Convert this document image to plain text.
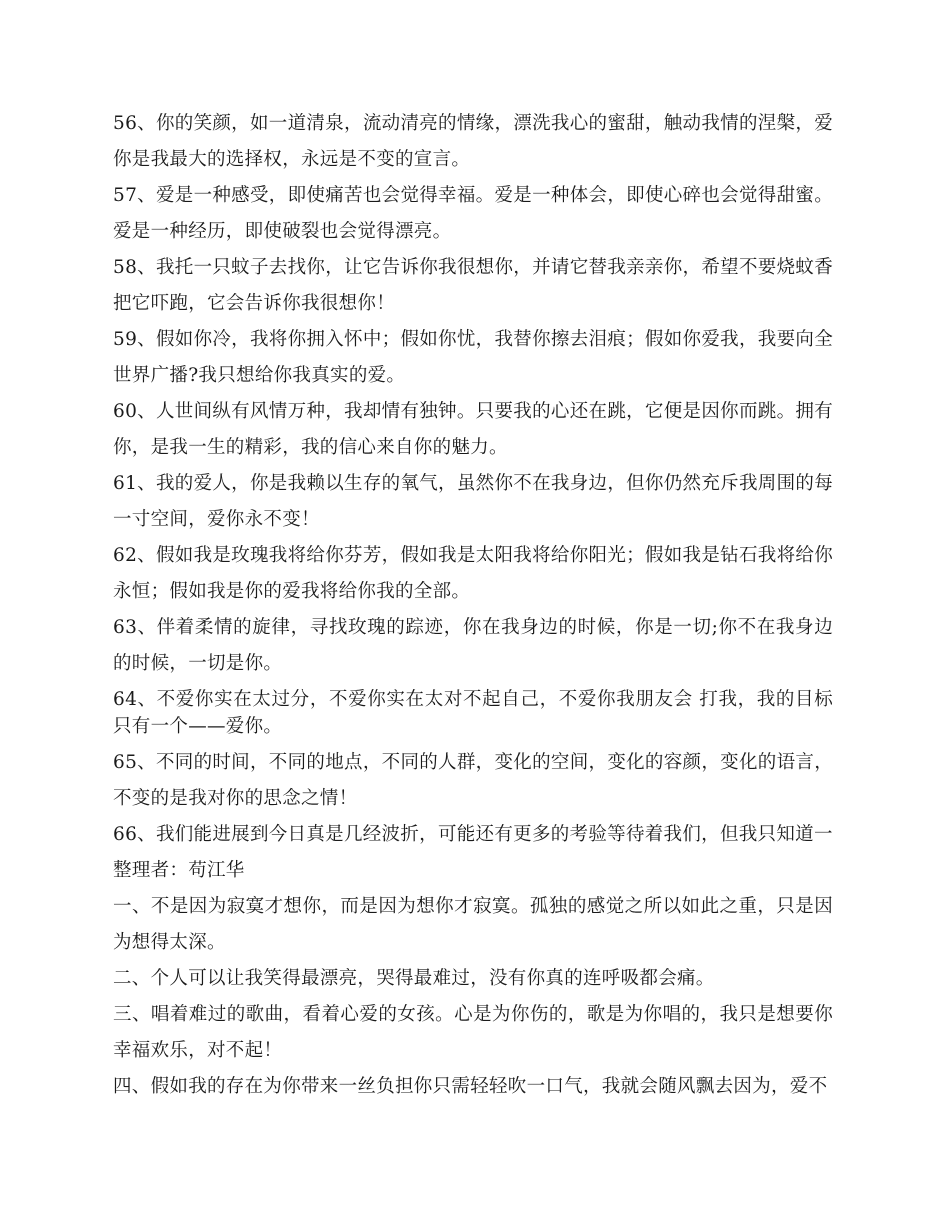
56、你的笑颜，如一道清泉，流动清亮的情缘，漂洗我心的蜜甜，触动我情的涅槃，爱你是我最大的选择权，永远是不变的宣言。

57、爱是一种感受，即使痛苦也会觉得幸福。爱是一种体会，即使心碎也会觉得甜蜜。爱是一种经历，即使破裂也会觉得漂亮。

58、我托一只蚊子去找你，让它告诉你我很想你，并请它替我亲亲你，希望不要烧蚊香把它吓跑，它会告诉你我很想你！

59、假如你冷，我将你拥入怀中；假如你忧，我替你擦去泪痕；假如你爱我，我要向全世界广播?我只想给你我真实的爱。

60、人世间纵有风情万种，我却情有独钟。只要我的心还在跳，它便是因你而跳。拥有你，是我一生的精彩，我的信心来自你的魅力。

61、我的爱人，你是我赖以生存的氧气，虽然你不在我身边，但你仍然充斥我周围的每一寸空间，爱你永不变！

62、假如我是玫瑰我将给你芬芳，假如我是太阳我将给你阳光；假如我是钻石我将给你永恒；假如我是你的爱我将给你我的全部。

63、伴着柔情的旋律，寻找玫瑰的踪迹，你在我身边的时候，你是一切;你不在我身边的时候，一切是你。

64、不爱你实在太过分，不爱你实在太对不起自己，不爱你我朋友会 打我，我的目标只有一个——爱你。

65、不同的时间，不同的地点，不同的人群，变化的空间，变化的容颜，变化的语言，不变的是我对你的思念之情！

66、我们能进展到今日真是几经波折，可能还有更多的考验等待着我们，但我只知道一

整理者：苟江华

一、不是因为寂寞才想你，而是因为想你才寂寞。孤独的感觉之所以如此之重，只是因为想得太深。

二、个人可以让我笑得最漂亮，哭得最难过，没有你真的连呼吸都会痛。

三、唱着难过的歌曲，看着心爱的女孩。心是为你伤的，歌是为你唱的，我只是想要你幸福欢乐，对不起！

四、假如我的存在为你带来一丝负担你只需轻轻吹一口气，我就会随风飘去因为，爱不
